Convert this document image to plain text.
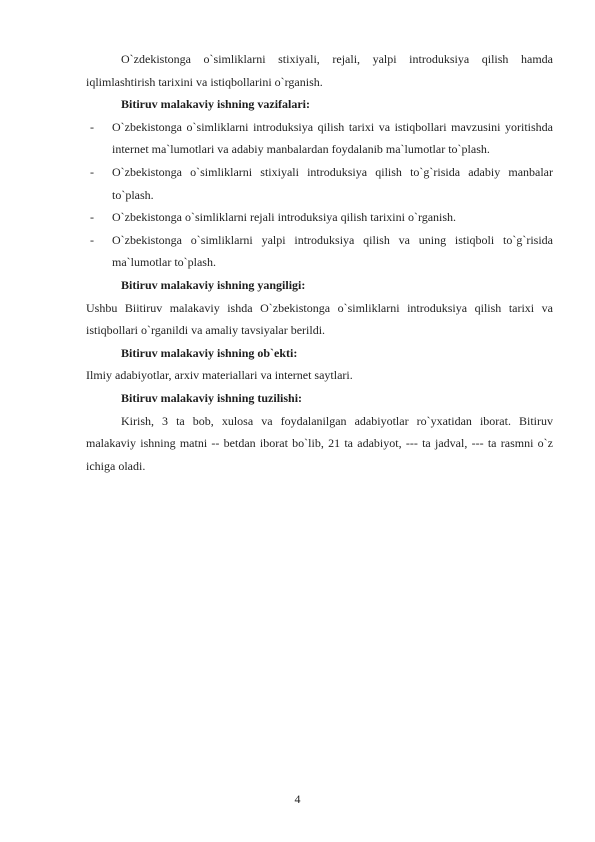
O`zdekistonga o`simliklarni stixiyali, rejali, yalpi introduksiya qilish hamda iqlimlashtirish tarixini va istiqbollarini o`rganish.

Bitiruv malakaviy ishning vazifalari:

- O`zbekistonga o`simliklarni introduksiya qilish tarixi va istiqbollari mavzusini yoritishda internet ma`lumotlari va adabiy manbalardan foydalanib ma`lumotlar to`plash.
- O`zbekistonga o`simliklarni stixiyali introduksiya qilish to`g`risida adabiy manbalar to`plash.
- O`zbekistonga o`simliklarni rejali introduksiya qilish tarixini o`rganish.
- O`zbekistonga o`simliklarni yalpi introduksiya qilish va uning istiqboli to`g`risida ma`lumotlar to`plash.

Bitiruv malakaviy ishning yangiligi:

Ushbu Biitiruv malakaviy ishda O`zbekistonga o`simliklarni introduksiya qilish tarixi va istiqbollari o`rganildi va amaliy tavsiyalar berildi.

Bitiruv malakaviy ishning ob`ekti:

Ilmiy adabiyotlar, arxiv materiallari va internet saytlari.

Bitiruv malakaviy ishning tuzilishi:

Kirish, 3 ta bob, xulosa va foydalanilgan adabiyotlar ro`yxatidan iborat. Bitiruv malakaviy ishning matni -- betdan iborat bo`lib, 21 ta adabiyot, --- ta jadval, --- ta rasmni o`z ichiga oladi.

4
